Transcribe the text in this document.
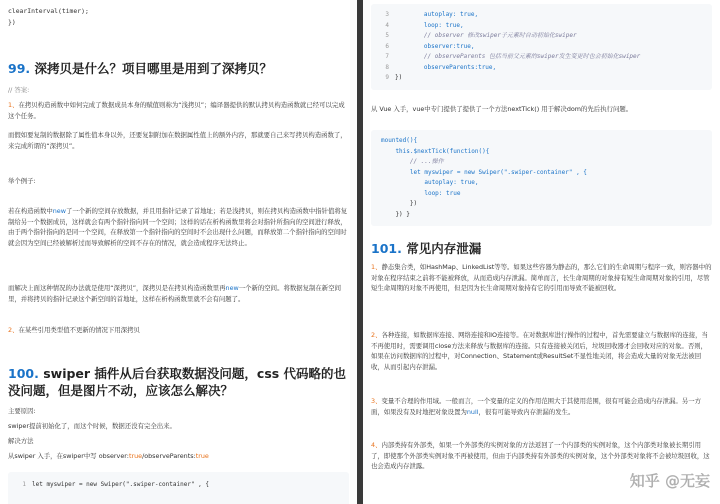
clearInterval(timer);
})
99. 深拷贝是什么？项目哪里是用到了深拷贝？

// 答案:

1、在拷贝构造函数中如何完成了数据成员本身的赋值则称为“浅拷贝”；编译器提供的默认拷贝构造函数就已经可以完成这个任务。

而假如要复制的数据除了属性值本身以外，还要复制附加在数据属性值上的额外内容，那就要自己来写拷贝构造函数了，来完成所谓的“深拷贝”。

举个例子:

若在构造函数中new了一个新的空间存放数据，并且用指针记录了首地址；若是浅拷贝，则在拷贝构造函数中指针值将复制给另一个数据成员，这样就会有两个指针指向同一个空间；这样的话在析构函数里将会对指针所指向的空间进行释放，由于两个指针指向的是同一个空间，在释放第一个指针指向的空间时不会出现什么问题，而释放第二个指针指向的空间时就会因为空间已经被解析过而导致解析的空间不存在的情况，就会造成程序无法终止。

而解决上面这种情况的办法就是使用“深拷贝”，深拷贝是在拷贝构造函数里再new一个新的空间。将数据复制在新空间里，并将拷贝的指针记录这个新空间的首地址，这样在析构函数里就不会有问题了。

2、在某些引用类型值不更新的情况下用深拷贝

100. swiper 插件从后台获取数据没问题，css 代码略的也没问题，但是图片不动，应该怎么解决？

主要原因:

swiper提前初始化了，而这个时候，数据还没有完全出来。

解决方法

从swiper 入手，在swiper中写 observer:true/observeParents:true

1 let myswiper = new Swiper(".swiper-container" , {
3 autoplay: true,
4 loop: true,
5 // observer 修改swiper子元素时自动初始化swiper
6 observer:true,
7 // observeParents 包括当前父元素的swiper发生变更时也会初始化swiper
8 observeParents:true,
9 })

从 Vue 入手，vue中专门提供了提供了一个方法nextTick() 用于解决dom的先后执行问题。

mounted(){
this.$nextTick(function(){
// ...操作
let myswiper = new Swiper(".swiper-container" , {
autoplay: true,
loop: true
})
}) }
101. 常见内存泄漏

1、静态集合类，如HashMap、LinkedList等等。如果这些容器为静态的，那么它们的生命周期与程序一致，则容器中的对象在程序结束之前将不能被释放，从而造成内存泄漏。简单而言，长生命周期的对象持有短生命周期对象的引用，尽管短生命周期的对象不再使用，但是因为长生命周期对象持有它的引用而导致不能被回收。

2、各种连接，如数据库连接、网络连接和IO连接等。在对数据库进行操作的过程中，首先需要建立与数据库的连接，当不再使用时，需要调用close方法来释放与数据库的连接。只有连接被关闭后，垃圾回收器才会回收对应的对象。否则，如果在访问数据库的过程中，对Connection、Statement或ResultSet不显性地关闭，将会造成大量的对象无法被回收，从而引起内存泄漏。

3、变量不合理的作用域。一般而言，一个变量的定义的作用范围大于其使用范围，很有可能会造成内存泄漏。另一方面，如果没有及时地把对象设置为null，很有可能导致内存泄漏的发生。

4、内部类持有外部类，如果一个外部类的实例对象的方法返回了一个内部类的实例对象，这个内部类对象被长期引用了，即使那个外部类实例对象不再被使用，但由于内部类持有外部类的实例对象，这个外部类对象将不会被垃圾回收，这也会造成内存泄露。

知乎 @无妄
